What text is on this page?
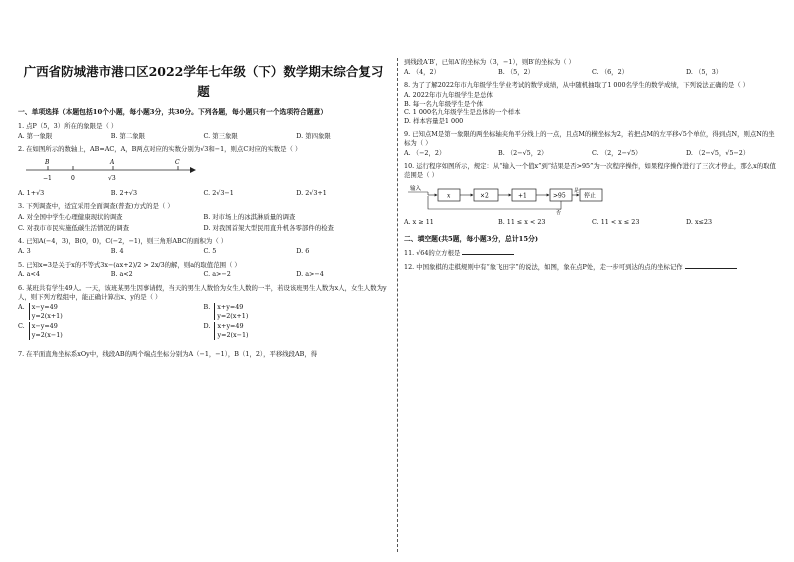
广西省防城港市港口区2022学年七年级（下）数学期末综合复习题
一、单项选择（本题包括10个小题，每小题3分，共30分。下列各题，每小题只有一个选项符合题意）
1. 点P（5，3）所在的象限是（ ）
A. 第一象限	B. 第二象限	C. 第三象限	D. 第四象限
2. 在如图所示的数轴上，AB=AC，A，B两点对应的实数分别为√3和−1，则点C对应的实数是（ ）
B	A	C
−1	0	√3
A. 1+√3	B. 2+√3	C. 2√3−1	D. 2√3+1
3. 下列调查中，适宜采用全面调查(普查)方式的是（ ）
A. 对全国中学生心理健康现状的调查	B. 对市场上的冰淇淋质量的调查
C. 对我市市民实施低碳生活情况的调查	D. 对我国首架大型民用直升机各零部件的检查
4. 已知A(−4，3)，B(0，0)，C(−2，−1)，则三角形ABC的面积为（ ）
A. 3	B. 4	C. 5	D. 6
5. 已知x=3是关于x的不等式3x−(ax+2)/2 > 2x/3的解，则a的取值范围（ ）
A. a<4	B. a<2	C. a>−2	D. a>−4
6. 某班共有学生49人。一天，该班某男生因事请假，当天的男生人数恰为女生人数的一半，若设该班男生人数为x人，女生人数为y人，则下列方程组中，能正确计算出x、y的是（ ）
A. x−y=49
y=2(x+1)
B. x+y=49
y=2(x+1)
C. x−y=49
y=2(x−1)
D. x+y=49
y=2(x−1)
7. 在平面直角坐标系xOy中，线段AB的两个端点坐标分别为A（−1，−1），B（1，2），平移线段AB，得
到线段A′B′，已知A′的坐标为（3，−1），则B′的坐标为（ ）
A. （4，2）	B. （5，2）	C. （6，2）	D. （5，3）
8. 为了了解2022年市九年级学生学业考试的数学成绩，从中随机抽取了1 000名学生的数学成绩，下列说法正确的是（ ）
A. 2022年市九年级学生是总体
B. 每一名九年级学生是个体
C. 1 000名九年级学生是总体的一个样本
D. 样本容量是1 000
9. 已知点M是第一象限的两坐标轴夹角平分线上的一点，且点M的横坐标为2，若把点M的左平移√5个单位，得到点N，则点N的坐标为（ ）
A. （−2，2）	B. （2−√5，2）	C. （2，2−√5）	D. （2−√5，√5−2）
10. 运行程序如图所示，规定：从“输入一个值x”到“结果是否>95”为一次程序操作，如果程序操作进行了三次才停止，那么x的取值范围是（ ）
输入
x	×2	+1	>95
是
停止
否
A. x ≥ 11	B. 11 ≤ x < 23	C. 11 < x ≤ 23	D. x≤23
二、填空题(共5题，每小题3分，总计15分)
11. √64的立方根是
12. 中国象棋的走棋规则中有“象飞田字”的说法，如图，象在点P处，走一步可到达的点的坐标记作
